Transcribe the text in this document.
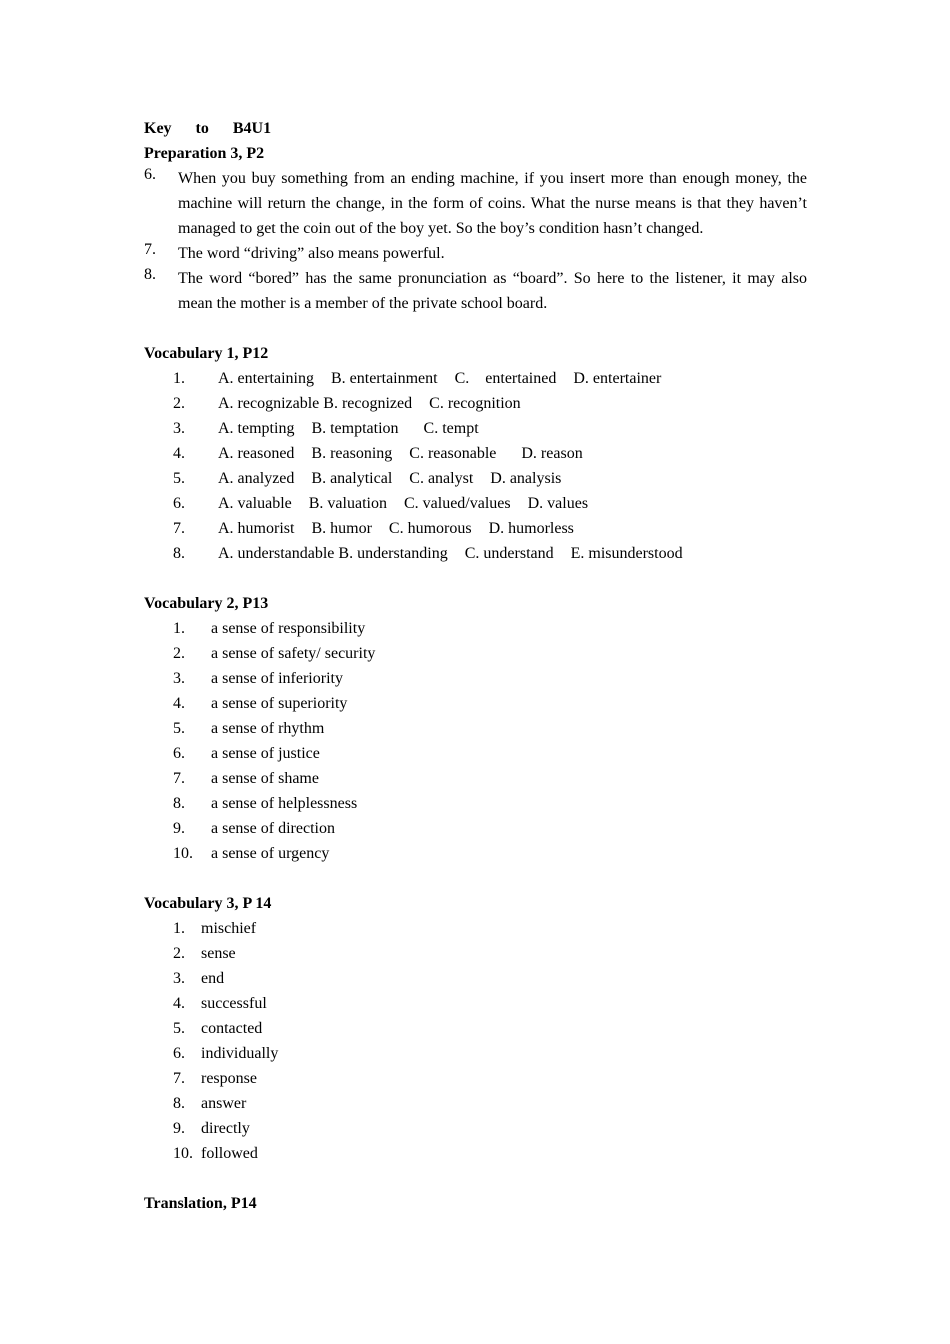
Key to B4U1
Preparation 3, P2
6.	When you buy something from an ending machine, if you insert more than enough money, the machine will return the change, in the form of coins. What the nurse means is that they haven’t managed to get the coin out of the boy yet. So the boy’s condition hasn’t changed.
7.	The word “driving” also means powerful.
8.	The word “bored” has the same pronunciation as “board”. So here to the listener, it may also mean the mother is a member of the private school board.
Vocabulary 1, P12
1.	A. entertaining B. entertainment C.    entertained D. entertainer
2.	A. recognizable B. recognized C. recognition
3.	A. tempting B. temptation  C. tempt
4.	A. reasoned B. reasoning C. reasonable  D. reason
5.	A. analyzed B. analytical C. analyst D. analysis
6.	A. valuable B. valuation C. valued/values D. values
7.	A. humorist B. humor C. humorous D. humorless
8.	A. understandable B. understanding C. understand E. misunderstood
Vocabulary 2, P13
1.	a sense of responsibility
2.	a sense of safety/ security
3.	a sense of inferiority
4.	a sense of superiority
5.	a sense of rhythm
6.	a sense of justice
7.	a sense of shame
8.	a sense of helplessness
9.	a sense of direction
10.	a sense of urgency
Vocabulary 3, P 14
1.	mischief
2.	sense
3.	end
4.	successful
5.	contacted
6.	individually
7.	response
8.	answer
9.	directly
10. followed
Translation, P14
